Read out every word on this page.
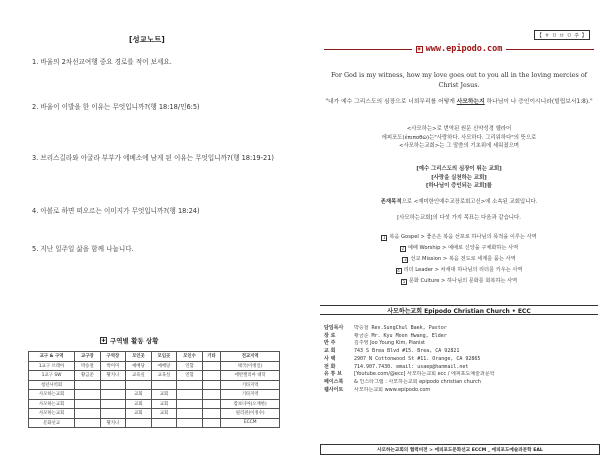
[성교노트]
1. 바울의 2차선교여행 중요 경로를 적어 보세요.
2. 바울이 이발을 한 이유는 무엇입니까?(행 18:18/민6:5)
3. 브리스길라와 아굴라 부부가 에베소에 남게 된 이유는 무엇입니까?(행 18:19-21)
4. 아볼로 하면 떠오르는 이미지가 무엇입니까?(행 18:24)
5. 지난 일주일 삶을 함께 나눕니다.
✚ 구역별 활동 상황
교구 & 구역	교구장	구역장	모인곳	모임곳	모인수	기타	전교지역
1교구 브레아	박승철	박미미	예배당	예배당	연합		태국(이병일)
1교구 SW	황금준	황지니	교육실	교육실	연합		에반젤리아 대학
청년사역회							기타지역
사모하는교회			교회	교회			기타지역
사모하는교회			교회	교회			캄보디아(오재한)
사모하는교회			교회	교회			필리핀(이정수)
문화선교		황지니					ECCM
【 ㅎ ㅁ ㅂ ㅁ 주 】
◉ www.epipodo.com
For God is my witness, how my love goes out to you all in the loving mercies of Christ Jesus.
"내가 예수 그리스도의 심장으로 너희무리를 어떻게 사모하는지 하나님이 나 증인이시니라(빌립보서1:8)."
<사모하는>로 번역된 원문 신약성경 헬라어
에피포도(ἐπιποθῶ)는"사랑하다. 사모하다. 그리워하다"의 뜻으로
<사모하는교회>는 그 말씀의 기초위에 세워졌으며
[예수 그리스도의 심장이 뛰는 교회]
[사랑을 실천하는 교회]
[하나님이 증인되는 교회]를
존재목적으로 <재미한인예수교장로회고신>에 소속된 교회입니다.
[사모하는교회]의 다섯 가지 목표는 다음과 같습니다.
1 복음 Gospel > 좋은은 복음 선포로 하나님의 목적을 이루는 사역
2 예배 Worship > 예배로 신앙을 구체화하는 사역
3 선교 Mission > 복음 전도로 세계를 품는 사역
4 리더 Leader > 차세대 하나님의 리더를 키우는 사역
5 문화 Culture > 하나님의 문화를 회복하는 사역
사모하는교회 Epipodo Christian Church • ECC
담임목사	박승철 Rev.SungChul Baek, Pastor
장 로	황금준 Mr. Kyu Moon Hwang, Elder
반 주	김주영 Joo Young Kim, Pianist
교 회	743 S Brea Blvd #15. Brea, CA 92821
사 택	2907 N Cottonwood St #11. Orange, CA 92865
전 화	714.907.7430. email: usaep@hanmail.net
유 튜 브	[Youtube.com/@ecc] 사모하는교회 ecc / 에피포도예술과문학
페이스북	& 인스타그램 : 사모하는교회 epipodo christian church
웹사이트	사모하는교회 www.epipodo.com
사모하는교회의 협력비전 > 에피포도문화선교 ECCM _ 에피포도예술과문학 EAL
